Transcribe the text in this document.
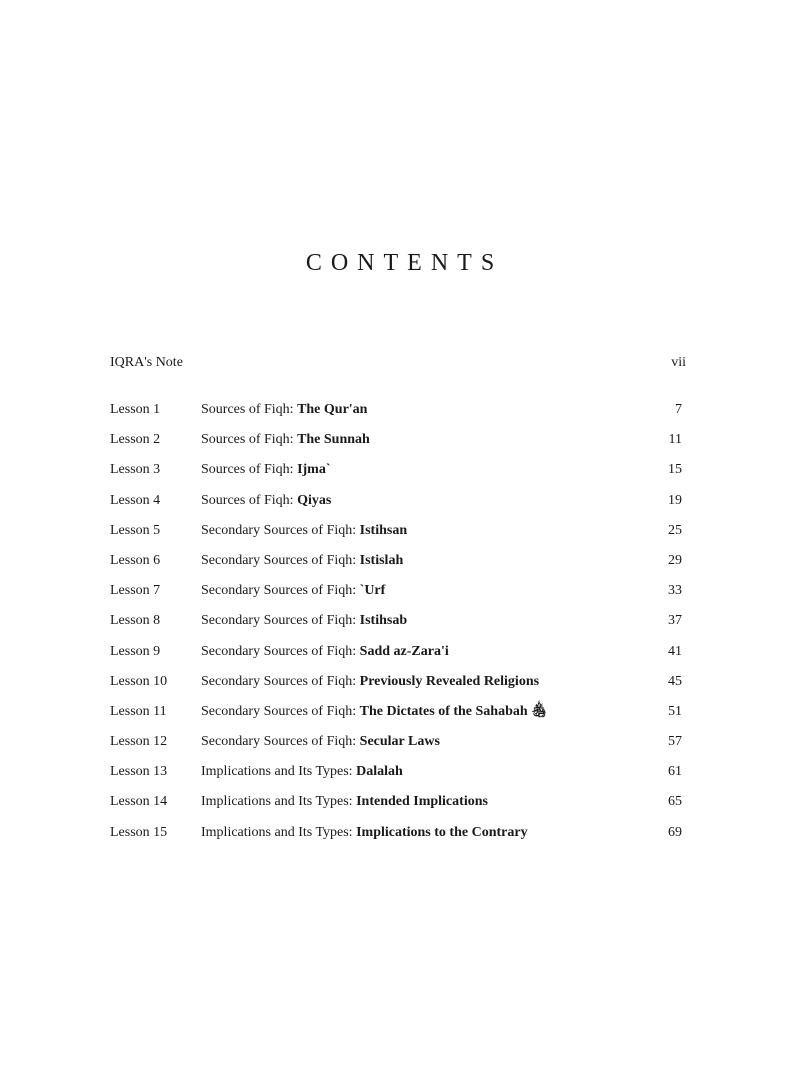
CONTENTS
IQRA's Note	vii
Lesson 1	Sources of Fiqh: The Qur'an	7
Lesson 2	Sources of Fiqh: The Sunnah	11
Lesson 3	Sources of Fiqh: Ijma`	15
Lesson 4	Sources of Fiqh: Qiyas	19
Lesson 5	Secondary Sources of Fiqh: Istihsan	25
Lesson 6	Secondary Sources of Fiqh: Istislah	29
Lesson 7	Secondary Sources of Fiqh: `Urf	33
Lesson 8	Secondary Sources of Fiqh: Istihsab	37
Lesson 9	Secondary Sources of Fiqh: Sadd az-Zara'i	41
Lesson 10 Secondary Sources of Fiqh: Previously Revealed Religions	45
Lesson 11 Secondary Sources of Fiqh: The Dictates of the Sahabah ﵃	51
Lesson 12 Secondary Sources of Fiqh: Secular Laws	57
Lesson 13 Implications and Its Types: Dalalah	61
Lesson 14 Implications and Its Types: Intended Implications	65
Lesson 15 Implications and Its Types: Implications to the Contrary	69
